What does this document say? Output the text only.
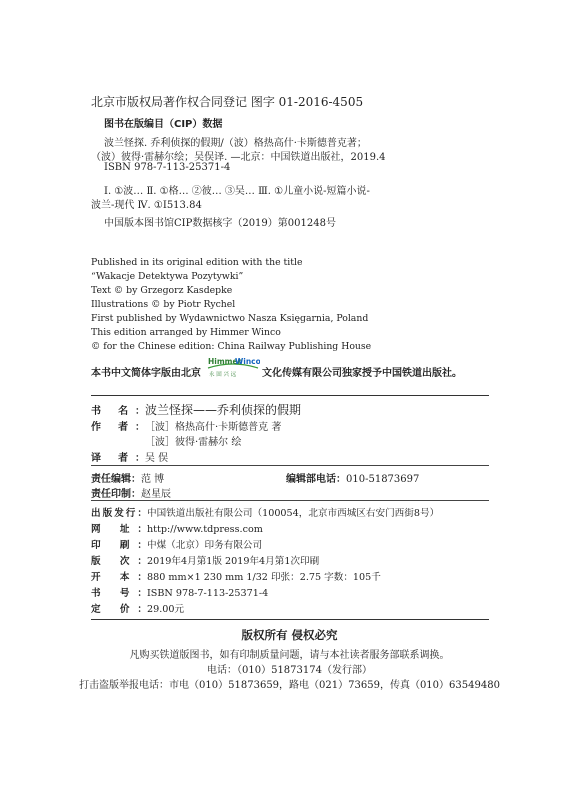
北京市版权局著作权合同登记 图字 01-2016-4505
图书在版编目（CIP）数据
波兰怪探. 乔利侦探的假期/（波）格热高什·卡斯德普克著；
（波）彼得·雷赫尔绘；吴俣译. —北京：中国铁道出版社，2019.4
ISBN 978-7-113-25371-4
Ⅰ. ①波… Ⅱ. ①格… ②彼… ③吴… Ⅲ. ①儿童小说-短篇小说-
波兰-现代 Ⅳ. ①I513.84
中国版本图书馆CIP数据核字（2019）第001248号
Published in its original edition with the title
“Wakacje Detektywa Pozytywki”
Text © by Grzegorz Kasdepke
Illustrations © by Piotr Rychel
First published by Wydawnictwo Nasza Księgarnia, Poland
This edition arranged by Himmer Winco
© for the Chinese edition: China Railway Publishing House
本书中文简体字版由北京
Himmer
Winco
永 固 兴 远	文化传媒有限公司独家授予中国铁道出版社。
书 名：波兰怪探——乔利侦探的假期
作 者：［波］格热高什·卡斯德普克 著
［波］彼得·雷赫尔 绘
译 者：吴 俣
责任编辑：范 博	编辑部电话：010-51873697
责任印制：赵星辰
出版发行：中国铁道出版社有限公司（100054，北京市西城区右安门西街8号）
网 址：http://www.tdpress.com
印 刷：中煤（北京）印务有限公司
版 次：2019年4月第1版 2019年4月第1次印刷
开 本：880 mm×1 230 mm 1/32 印张：2.75 字数：105千
书 号：ISBN 978-7-113-25371-4
定 价：29.00元
版权所有 侵权必究
凡购买铁道版图书，如有印制质量问题，请与本社读者服务部联系调换。
电话：（010）51873174（发行部）
打击盗版举报电话：市电（010）51873659，路电（021）73659，传真（010）63549480
